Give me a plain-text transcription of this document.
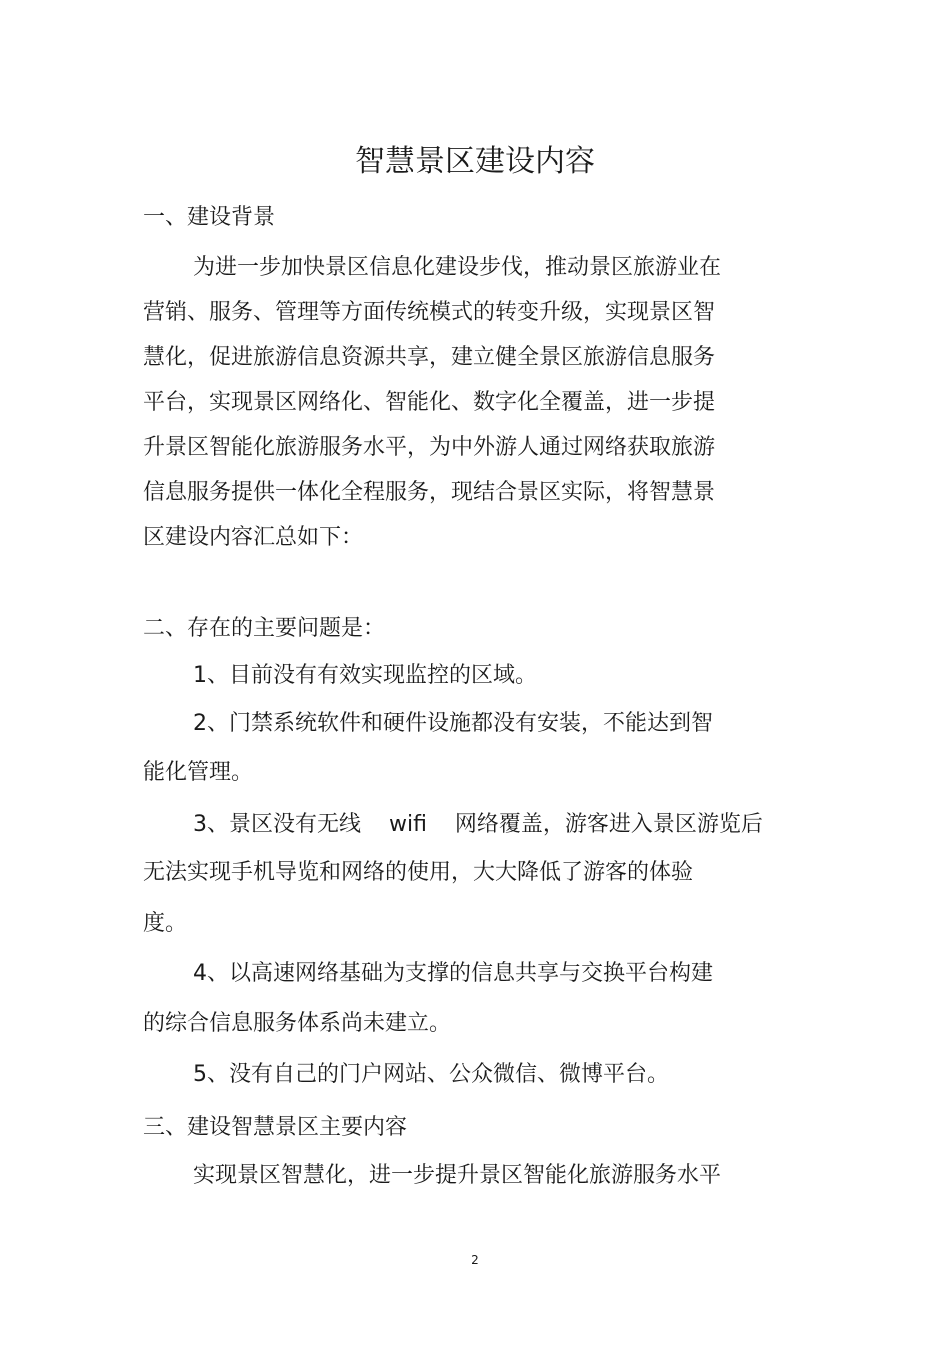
智慧景区建设内容
一、建设背景
为进一步加快景区信息化建设步伐，推动景区旅游业在
营销、服务、管理等方面传统模式的转变升级，实现景区智
慧化，促进旅游信息资源共享，建立健全景区旅游信息服务
平台，实现景区网络化、智能化、数字化全覆盖，进一步提
升景区智能化旅游服务水平，为中外游人通过网络获取旅游
信息服务提供一体化全程服务，现结合景区实际，将智慧景
区建设内容汇总如下：
二、存在的主要问题是：
1、目前没有有效实现监控的区域。
2、门禁系统软件和硬件设施都没有安装，不能达到智
能化管理。
3、景区没有无线    wifi    网络覆盖，游客进入景区游览后
无法实现手机导览和网络的使用，大大降低了游客的体验
度。
4、以高速网络基础为支撑的信息共享与交换平台构建
的综合信息服务体系尚未建立。
5、没有自己的门户网站、公众微信、微博平台。
三、建设智慧景区主要内容
实现景区智慧化，进一步提升景区智能化旅游服务水平
2
